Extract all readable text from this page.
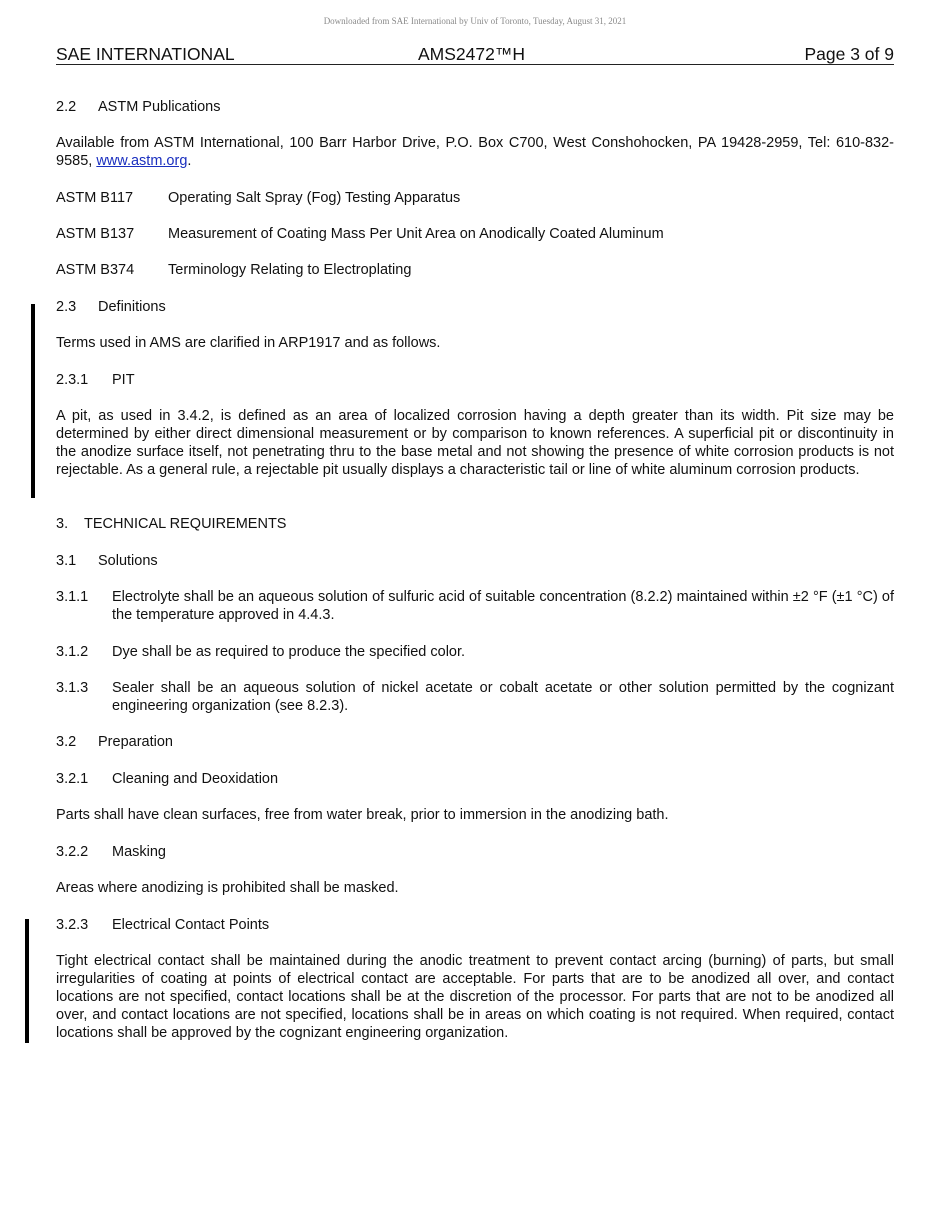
Downloaded from SAE International by Univ of Toronto, Tuesday, August 31, 2021
SAE INTERNATIONAL	AMS2472™H	Page 3 of 9
2.2 ASTM Publications
Available from ASTM International, 100 Barr Harbor Drive, P.O. Box C700, West Conshohocken, PA 19428-2959, Tel: 610-832-9585, www.astm.org.
ASTM B117 Operating Salt Spray (Fog) Testing Apparatus
ASTM B137 Measurement of Coating Mass Per Unit Area on Anodically Coated Aluminum
ASTM B374 Terminology Relating to Electroplating
2.3 Definitions
Terms used in AMS are clarified in ARP1917 and as follows.
2.3.1 PIT
A pit, as used in 3.4.2, is defined as an area of localized corrosion having a depth greater than its width. Pit size may be determined by either direct dimensional measurement or by comparison to known references. A superficial pit or discontinuity in the anodize surface itself, not penetrating thru to the base metal and not showing the presence of white corrosion products is not rejectable. As a general rule, a rejectable pit usually displays a characteristic tail or line of white aluminum corrosion products.
3. TECHNICAL REQUIREMENTS
3.1 Solutions
3.1.1 Electrolyte shall be an aqueous solution of sulfuric acid of suitable concentration (8.2.2) maintained within ±2 °F (±1 °C) of the temperature approved in 4.4.3.
3.1.2 Dye shall be as required to produce the specified color.
3.1.3 Sealer shall be an aqueous solution of nickel acetate or cobalt acetate or other solution permitted by the cognizant engineering organization (see 8.2.3).
3.2 Preparation
3.2.1 Cleaning and Deoxidation
Parts shall have clean surfaces, free from water break, prior to immersion in the anodizing bath.
3.2.2 Masking
Areas where anodizing is prohibited shall be masked.
3.2.3 Electrical Contact Points
Tight electrical contact shall be maintained during the anodic treatment to prevent contact arcing (burning) of parts, but small irregularities of coating at points of electrical contact are acceptable. For parts that are to be anodized all over, and contact locations are not specified, contact locations shall be at the discretion of the processor. For parts that are not to be anodized all over, and contact locations are not specified, locations shall be in areas on which coating is not required. When required, contact locations shall be approved by the cognizant engineering organization.
